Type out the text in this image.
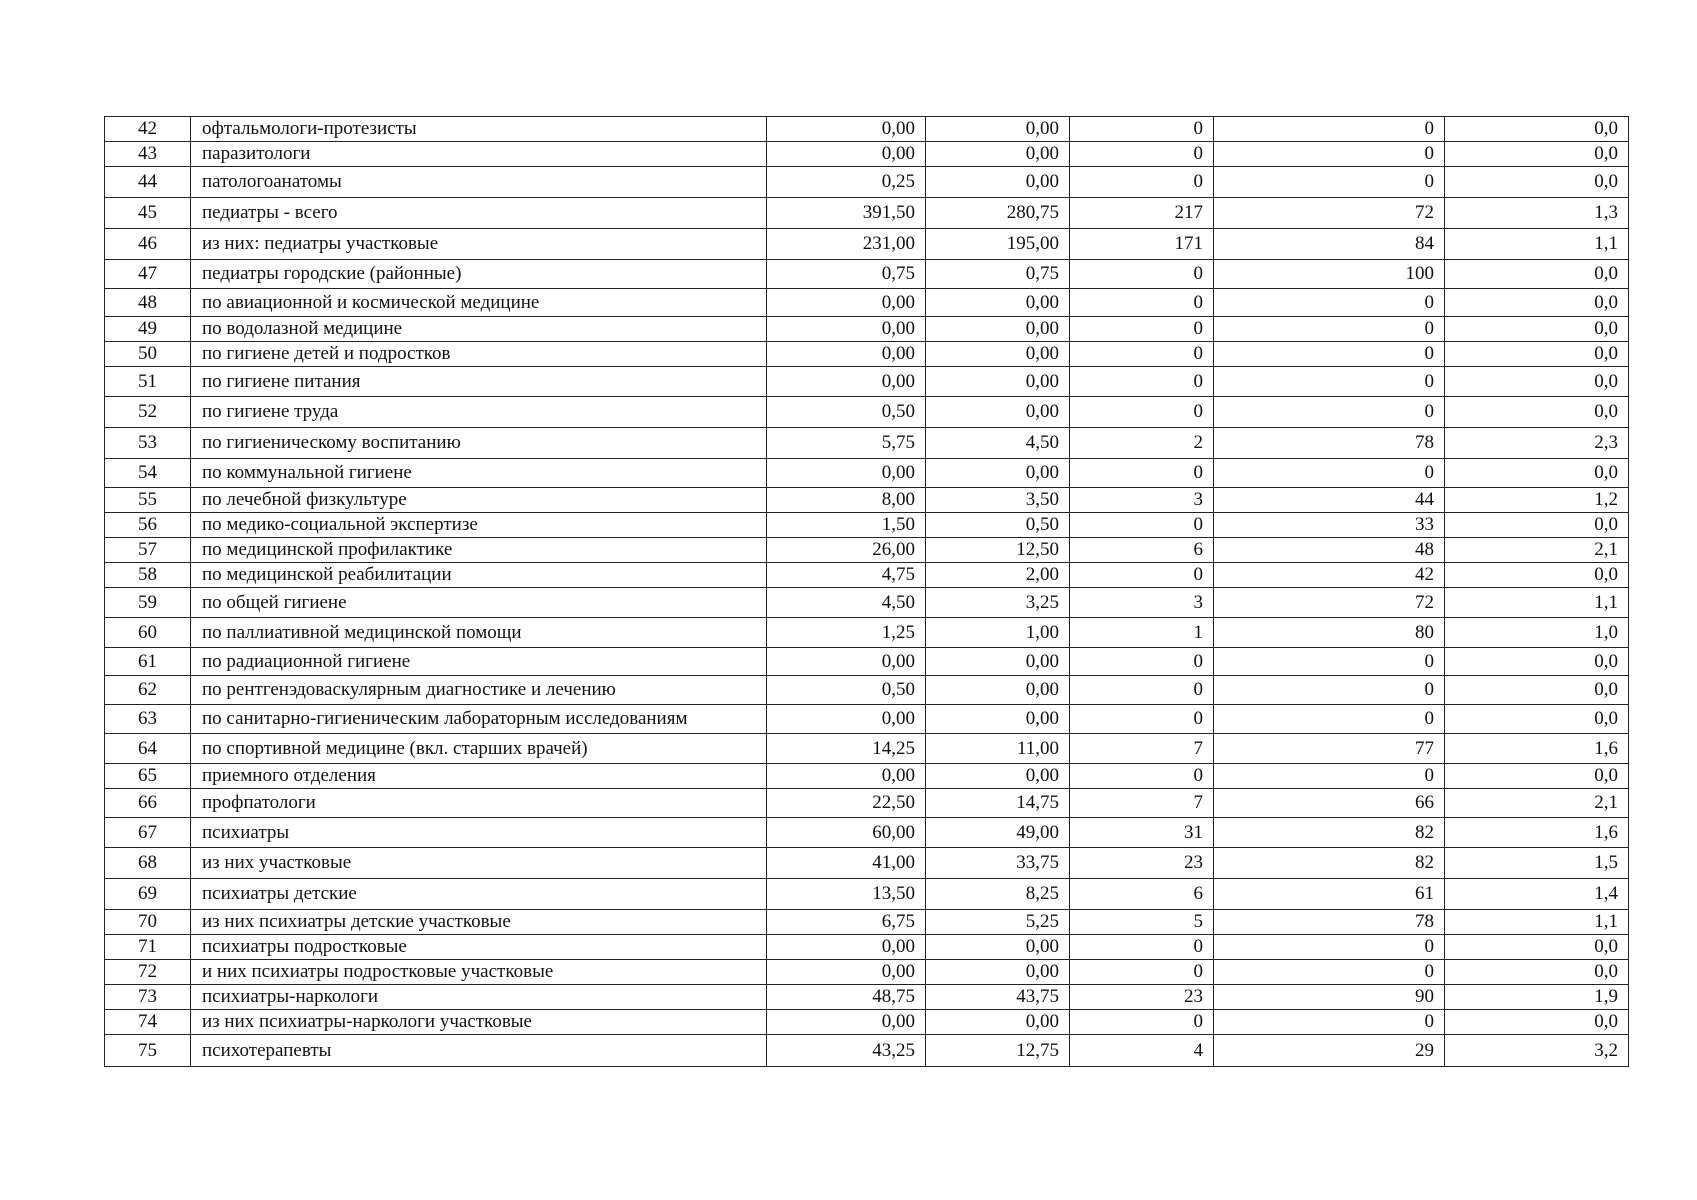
42	офтальмологи-протезисты	0,00	0,00	0	0	0,0
43	паразитологи	0,00	0,00	0	0	0,0
44	патологоанатомы	0,25	0,00	0	0	0,0
45	педиатры - всего	391,50	280,75	217	72	1,3
46	из них: педиатры участковые	231,00	195,00	171	84	1,1
47	педиатры городские (районные)	0,75	0,75	0	100	0,0
48	по авиационной и космической медицине	0,00	0,00	0	0	0,0
49	по водолазной медицине	0,00	0,00	0	0	0,0
50	по гигиене детей и подростков	0,00	0,00	0	0	0,0
51	по гигиене питания	0,00	0,00	0	0	0,0
52	по гигиене труда	0,50	0,00	0	0	0,0
53	по гигиеническому воспитанию	5,75	4,50	2	78	2,3
54	по коммунальной гигиене	0,00	0,00	0	0	0,0
55	по лечебной физкультуре	8,00	3,50	3	44	1,2
56	по медико-социальной экспертизе	1,50	0,50	0	33	0,0
57	по медицинской профилактике	26,00	12,50	6	48	2,1
58	по медицинской реабилитации	4,75	2,00	0	42	0,0
59	по общей гигиене	4,50	3,25	3	72	1,1
60	по паллиативной медицинской помощи	1,25	1,00	1	80	1,0
61	по радиационной гигиене	0,00	0,00	0	0	0,0
62	по рентгенэдоваскулярным диагностике и лечению	0,50	0,00	0	0	0,0
63	по санитарно-гигиеническим лабораторным исследованиям	0,00	0,00	0	0	0,0
64	по спортивной медицине (вкл. старших врачей)	14,25	11,00	7	77	1,6
65	приемного отделения	0,00	0,00	0	0	0,0
66	профпатологи	22,50	14,75	7	66	2,1
67	психиатры	60,00	49,00	31	82	1,6
68	из них участковые	41,00	33,75	23	82	1,5
69	психиатры детские	13,50	8,25	6	61	1,4
70	из них психиатры детские участковые	6,75	5,25	5	78	1,1
71	психиатры подростковые	0,00	0,00	0	0	0,0
72	и них психиатры подростковые участковые	0,00	0,00	0	0	0,0
73	психиатры-наркологи	48,75	43,75	23	90	1,9
74	из них психиатры-наркологи участковые	0,00	0,00	0	0	0,0
75	психотерапевты	43,25	12,75	4	29	3,2
